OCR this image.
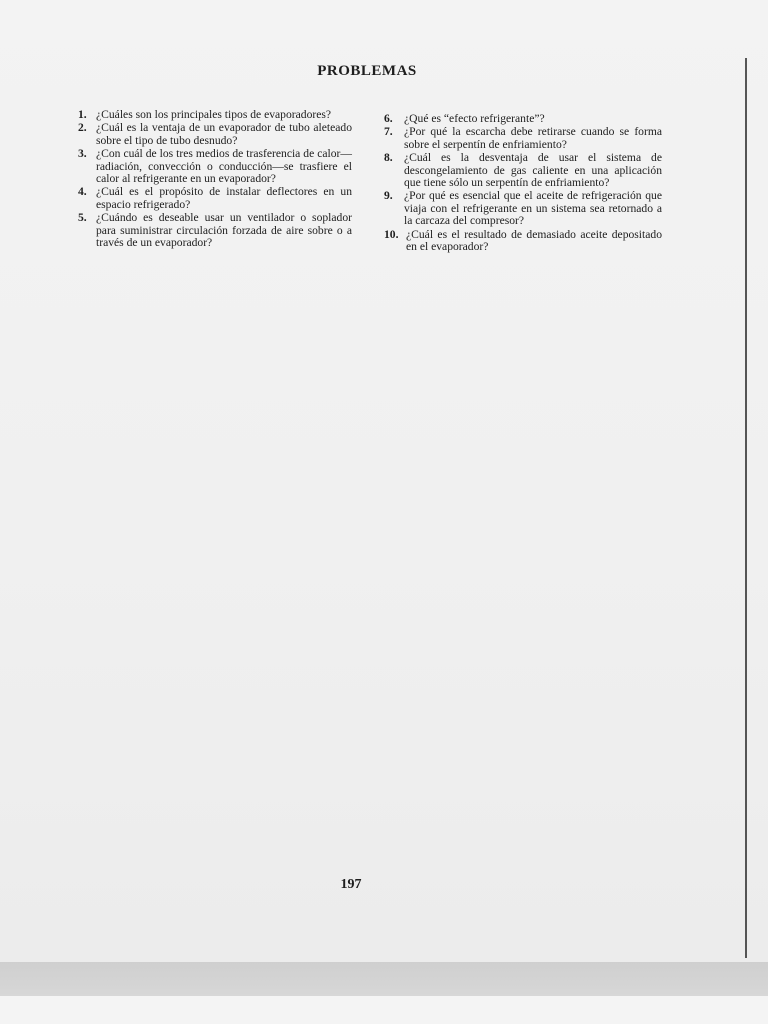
PROBLEMAS
1. ¿Cuáles son los principales tipos de evaporadores?
2. ¿Cuál es la ventaja de un evaporador de tubo aleteado sobre el tipo de tubo desnudo?
3. ¿Con cuál de los tres medios de trasferencia de calor—radiación, convección o conducción—se trasfiere el calor al refrigerante en un evaporador?
4. ¿Cuál es el propósito de instalar deflectores en un espacio refrigerado?
5. ¿Cuándo es deseable usar un ventilador o soplador para suministrar circulación forzada de aire sobre o a través de un evaporador?
6. ¿Qué es “efecto refrigerante”?
7. ¿Por qué la escarcha debe retirarse cuando se forma sobre el serpentín de enfriamiento?
8. ¿Cuál es la desventaja de usar el sistema de descongelamiento de gas caliente en una aplicación que tiene sólo un serpentín de enfriamiento?
9. ¿Por qué es esencial que el aceite de refrigeración que viaja con el refrigerante en un sistema sea retornado a la carcaza del compresor?
10. ¿Cuál es el resultado de demasiado aceite depositado en el evaporador?
197
